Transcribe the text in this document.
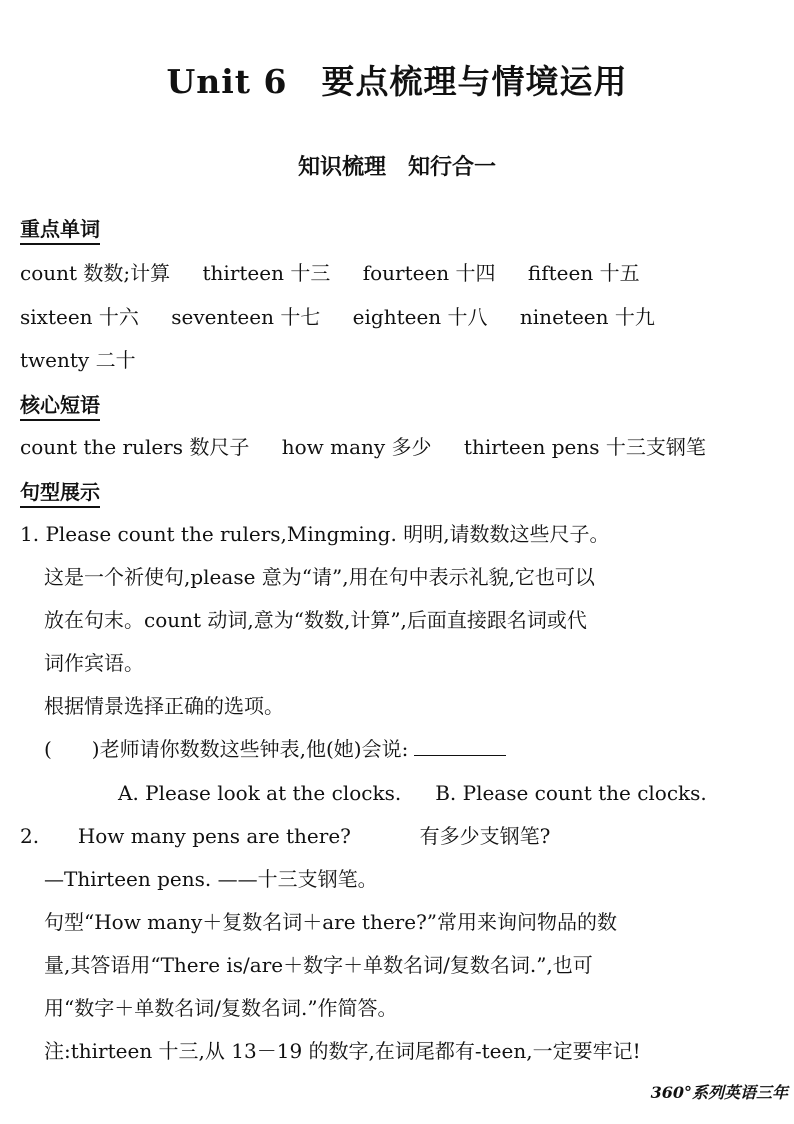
Unit 6　要点梳理与情境运用
知识梳理　知行合一
重点单词
count 数数;计算 thirteen 十三 fourteen 十四 fifteen 十五
sixteen 十六 seventeen 十七 eighteen 十八 nineteen 十九
twenty 二十
核心短语
count the rulers 数尺子 how many 多少 thirteen pens 十三支钢笔
句型展示
1. Please count the rulers,Mingming. 明明,请数数这些尺子。
这是一个祈使句,please 意为“请”,用在句中表示礼貌,它也可以
放在句末。count 动词,意为“数数,计算”,后面直接跟名词或代
词作宾语。
根据情景选择正确的选项。
(　　)老师请你数数这些钟表,他(她)会说:
A. Please look at the clocks. B. Please count the clocks.
2. How many pens are there?	有多少支钢笔?
—Thirteen pens. ——十三支钢笔。
句型“How many＋复数名词＋are there?”常用来询问物品的数
量,其答语用“There is/are＋数字＋单数名词/复数名词.”,也可
用“数字＋单数名词/复数名词.”作简答。
注:thirteen 十三,从 13－19 的数字,在词尾都有-teen,一定要牢记!
360°系列英语三年
